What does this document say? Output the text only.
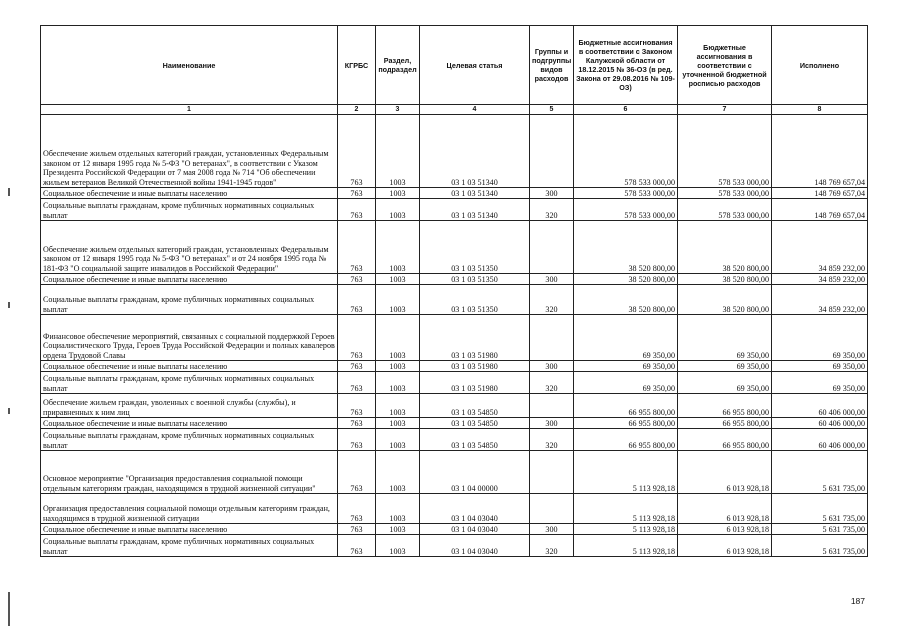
Наименование	КГРБС	Раздел, подраздел	Целевая статья	Группы и подгруппы видов расходов	Бюджетные ассигнования в соответствии с Законом Калужской области от 18.12.2015 № 36-ОЗ (в ред. Закона от 29.08.2016 № 109-ОЗ)	Бюджетные ассигнования в соответствии с уточненной бюджетной росписью расходов	Исполнено
1	2	3	4	5	6	7	8
Обеспечение жильем отдельных категорий граждан, установленных Федеральным законом от 12 января 1995 года № 5-ФЗ "О ветеранах", в соответствии с Указом Президента Российской Федерации от 7 мая 2008 года № 714 "Об обеспечении жильем ветеранов Великой Отечественной войны 1941-1945 годов"	763	1003	03 1 03 51340		578 533 000,00	578 533 000,00	148 769 657,04
Социальное обеспечение и иные выплаты населению	763	1003	03 1 03 51340	300	578 533 000,00	578 533 000,00	148 769 657,04
Социальные выплаты гражданам, кроме публичных нормативных социальных выплат	763	1003	03 1 03 51340	320	578 533 000,00	578 533 000,00	148 769 657,04
Обеспечение жильем отдельных категорий граждан, установленных Федеральным законом от 12 января 1995 года № 5-ФЗ "О ветеранах" и от 24 ноября 1995 года № 181-ФЗ "О социальной защите инвалидов в Российской Федерации"	763	1003	03 1 03 51350		38 520 800,00	38 520 800,00	34 859 232,00
Социальное обеспечение и иные выплаты населению	763	1003	03 1 03 51350	300	38 520 800,00	38 520 800,00	34 859 232,00
Социальные выплаты гражданам, кроме публичных нормативных социальных выплат	763	1003	03 1 03 51350	320	38 520 800,00	38 520 800,00	34 859 232,00
Финансовое обеспечение мероприятий, связанных с социальной поддержкой Героев Социалистического Труда, Героев Труда Российской Федерации и полных кавалеров ордена Трудовой Славы	763	1003	03 1 03 51980		69 350,00	69 350,00	69 350,00
Социальное обеспечение и иные выплаты населению	763	1003	03 1 03 51980	300	69 350,00	69 350,00	69 350,00
Социальные выплаты гражданам, кроме публичных нормативных социальных выплат	763	1003	03 1 03 51980	320	69 350,00	69 350,00	69 350,00
Обеспечение жильем граждан, уволенных с военной службы (службы), и приравненных к ним лиц	763	1003	03 1 03 54850		66 955 800,00	66 955 800,00	60 406 000,00
Социальное обеспечение и иные выплаты населению	763	1003	03 1 03 54850	300	66 955 800,00	66 955 800,00	60 406 000,00
Социальные выплаты гражданам, кроме публичных нормативных социальных выплат	763	1003	03 1 03 54850	320	66 955 800,00	66 955 800,00	60 406 000,00
Основное мероприятие "Организация предоставления социальной помощи отдельным категориям граждан, находящимся в трудной жизненной ситуации"	763	1003	03 1 04 00000		5 113 928,18	6 013 928,18	5 631 735,00
Организация предоставления социальной помощи отдельным категориям граждан, находящимся в трудной жизненной ситуации	763	1003	03 1 04 03040		5 113 928,18	6 013 928,18	5 631 735,00
Социальное обеспечение и иные выплаты населению	763	1003	03 1 04 03040	300	5 113 928,18	6 013 928,18	5 631 735,00
Социальные выплаты гражданам, кроме публичных нормативных социальных выплат	763	1003	03 1 04 03040	320	5 113 928,18	6 013 928,18	5 631 735,00
187
